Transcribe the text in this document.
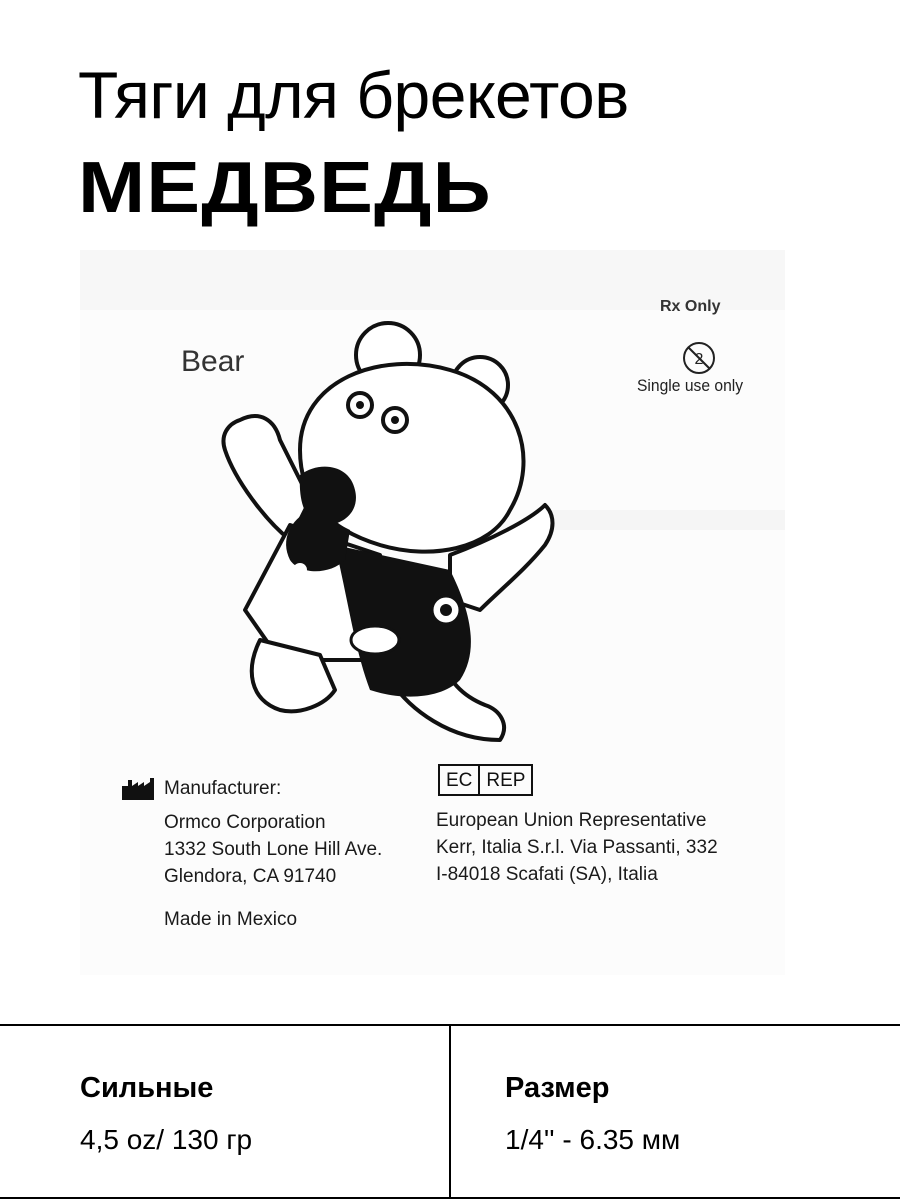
Тяги для брекетов
МЕДВЕДЬ
Bear
Rx Only
2
Single use only
Manufacturer:
Ormco Corporation
1332 South Lone Hill Ave.
Glendora, CA 91740
Made in Mexico
EC REP
European Union Representative
Kerr, Italia S.r.l. Via Passanti, 332
I-84018 Scafati (SA), Italia
Сильные
4,5 oz/ 130 гр
Размер
1/4'' - 6.35 мм
